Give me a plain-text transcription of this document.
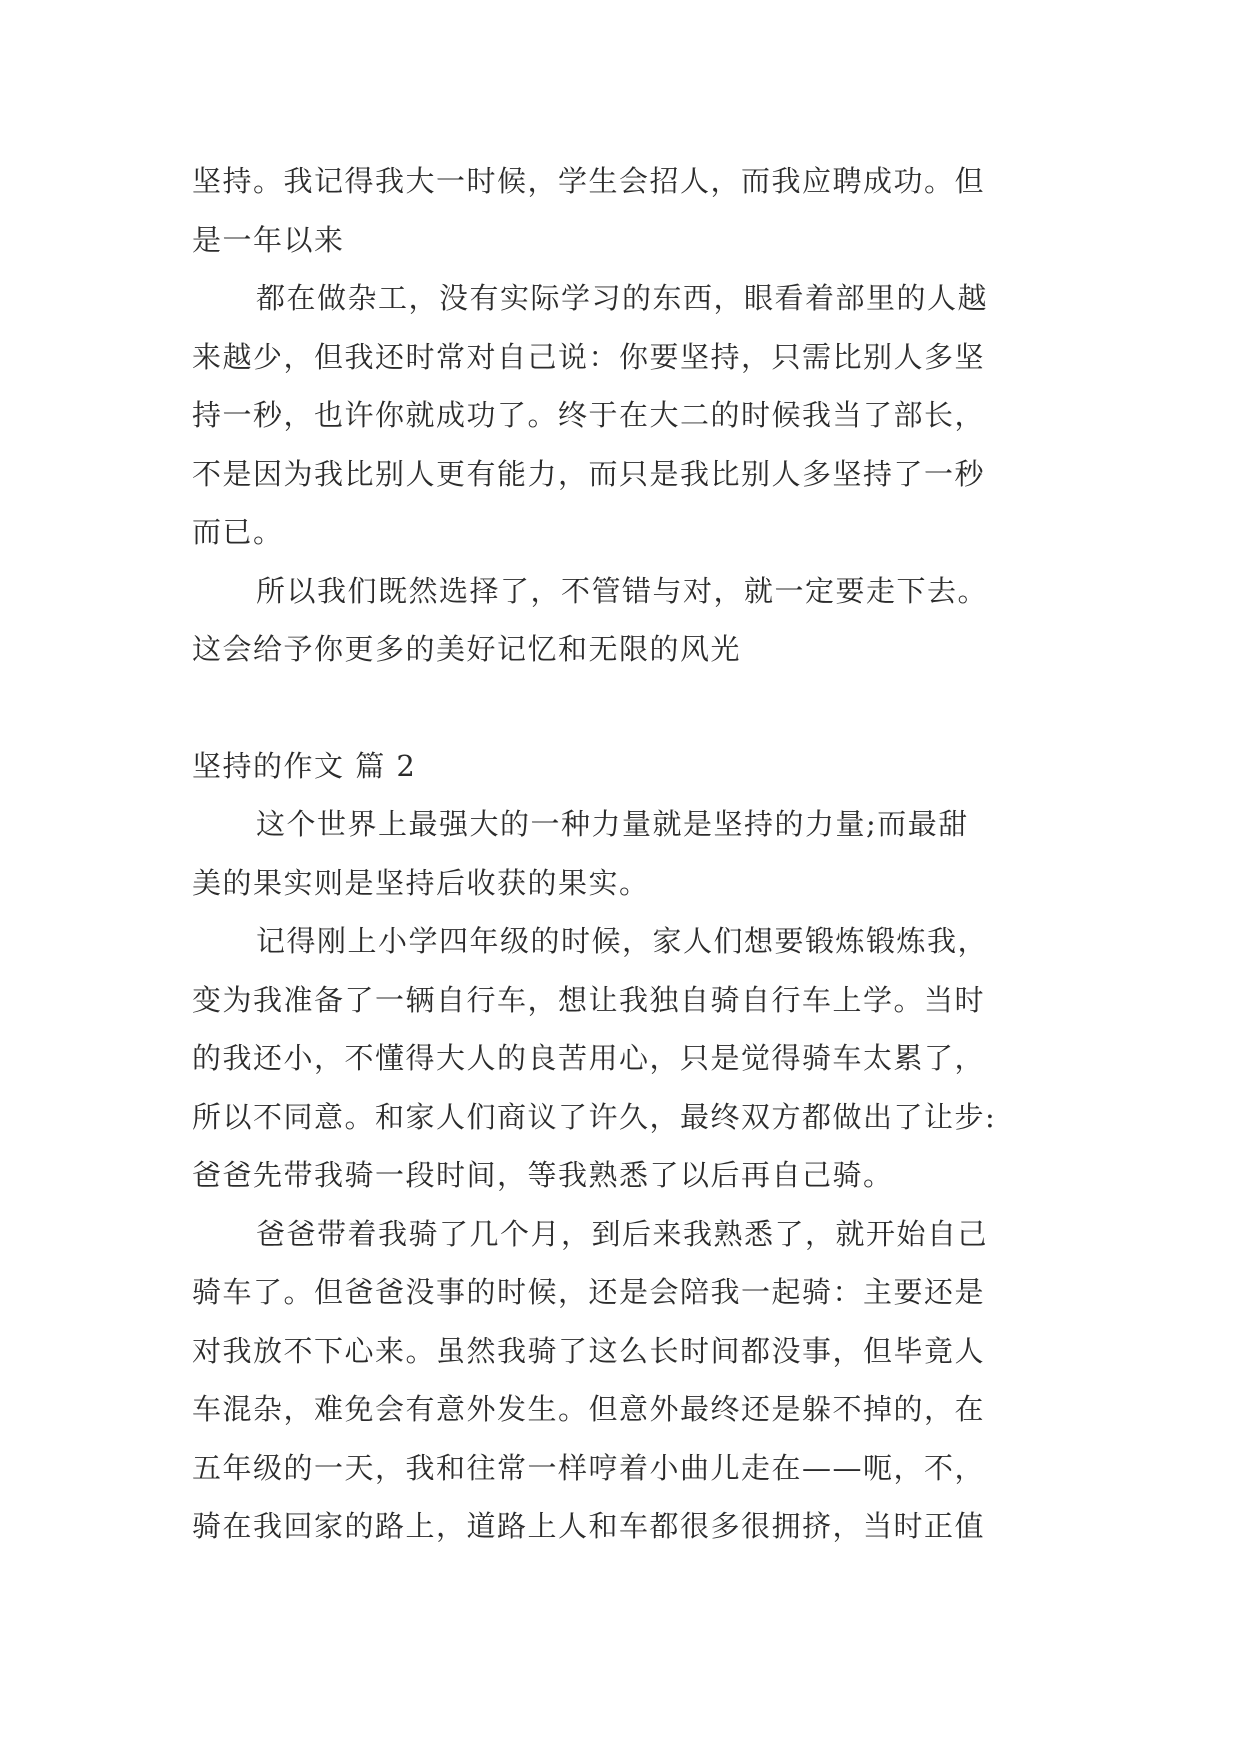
坚持。我记得我大一时候，学生会招人，而我应聘成功。但
是一年以来
都在做杂工，没有实际学习的东西，眼看着部里的人越
来越少，但我还时常对自己说：你要坚持，只需比别人多坚
持一秒，也许你就成功了。终于在大二的时候我当了部长，
不是因为我比别人更有能力，而只是我比别人多坚持了一秒
而已。
所以我们既然选择了，不管错与对，就一定要走下去。
这会给予你更多的美好记忆和无限的风光
坚持的作文 篇 2
这个世界上最强大的一种力量就是坚持的力量;而最甜
美的果实则是坚持后收获的果实。
记得刚上小学四年级的时候，家人们想要锻炼锻炼我，
变为我准备了一辆自行车，想让我独自骑自行车上学。当时
的我还小，不懂得大人的良苦用心，只是觉得骑车太累了，
所以不同意。和家人们商议了许久，最终双方都做出了让步:
爸爸先带我骑一段时间，等我熟悉了以后再自己骑。
爸爸带着我骑了几个月，到后来我熟悉了，就开始自己
骑车了。但爸爸没事的时候，还是会陪我一起骑：主要还是
对我放不下心来。虽然我骑了这么长时间都没事，但毕竟人
车混杂，难免会有意外发生。但意外最终还是躲不掉的，在
五年级的一天，我和往常一样哼着小曲儿走在——呃，不，
骑在我回家的路上，道路上人和车都很多很拥挤，当时正值
